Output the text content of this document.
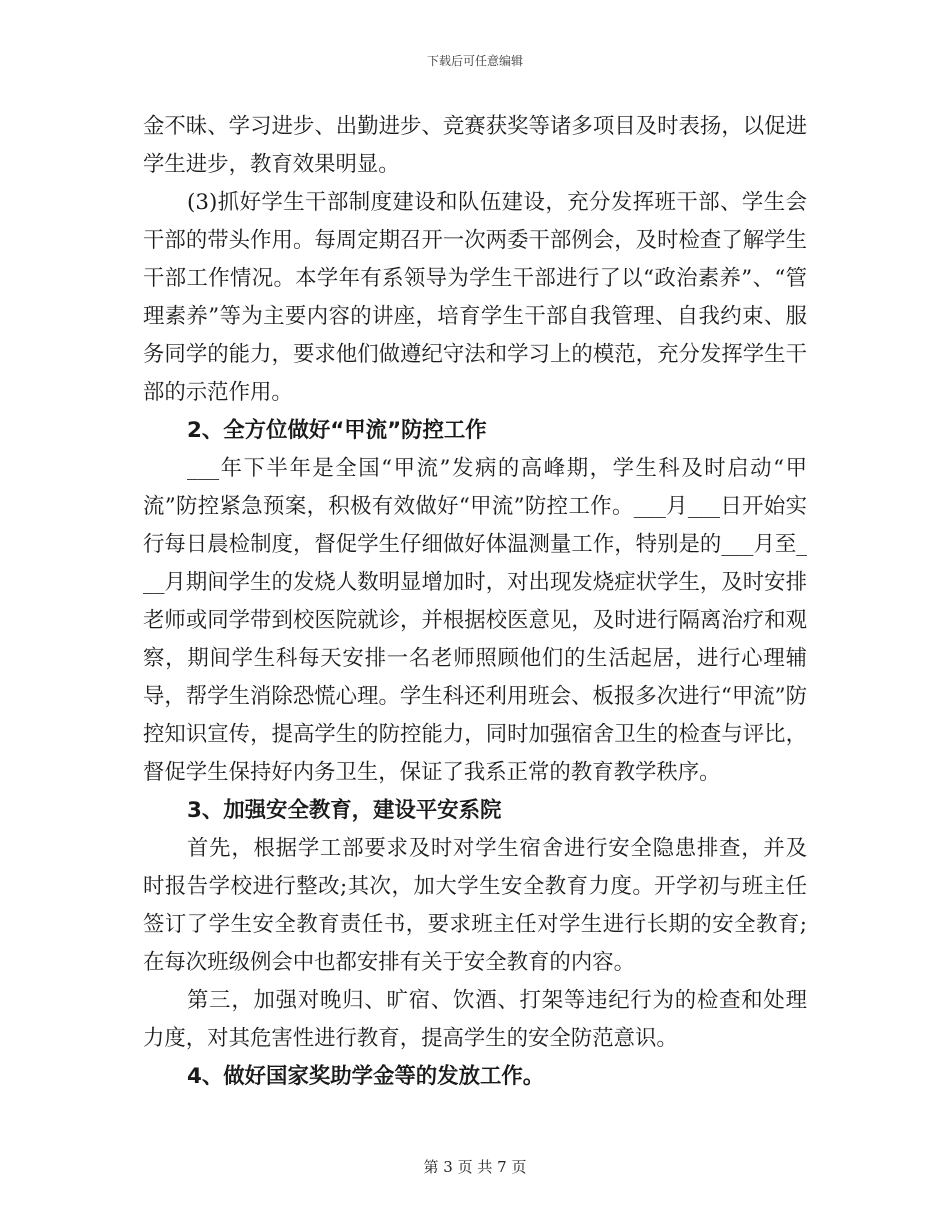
下载后可任意编辑

金不昧、学习进步、出勤进步、竞赛获奖等诸多项目及时表扬，以促进学生进步，教育效果明显。

(3)抓好学生干部制度建设和队伍建设，充分发挥班干部、学生会干部的带头作用。每周定期召开一次两委干部例会，及时检查了解学生干部工作情况。本学年有系领导为学生干部进行了以“政治素养”、“管理素养”等为主要内容的讲座，培育学生干部自我管理、自我约束、服务同学的能力，要求他们做遵纪守法和学习上的模范，充分发挥学生干部的示范作用。

2、全方位做好“甲流”防控工作

___年下半年是全国“甲流”发病的高峰期，学生科及时启动“甲流”防控紧急预案，积极有效做好“甲流”防控工作。___月___日开始实行每日晨检制度，督促学生仔细做好体温测量工作，特别是的___月至___月期间学生的发烧人数明显增加时，对出现发烧症状学生，及时安排老师或同学带到校医院就诊，并根据校医意见，及时进行隔离治疗和观察，期间学生科每天安排一名老师照顾他们的生活起居，进行心理辅导，帮学生消除恐慌心理。学生科还利用班会、板报多次进行“甲流”防控知识宣传，提高学生的防控能力，同时加强宿舍卫生的检查与评比，督促学生保持好内务卫生，保证了我系正常的教育教学秩序。

3、加强安全教育，建设平安系院

首先，根据学工部要求及时对学生宿舍进行安全隐患排查，并及时报告学校进行整改;其次，加大学生安全教育力度。开学初与班主任签订了学生安全教育责任书，要求班主任对学生进行长期的安全教育;在每次班级例会中也都安排有关于安全教育的内容。

第三，加强对晚归、旷宿、饮酒、打架等违纪行为的检查和处理力度，对其危害性进行教育，提高学生的安全防范意识。

4、做好国家奖助学金等的发放工作。

第 3 页 共 7 页
